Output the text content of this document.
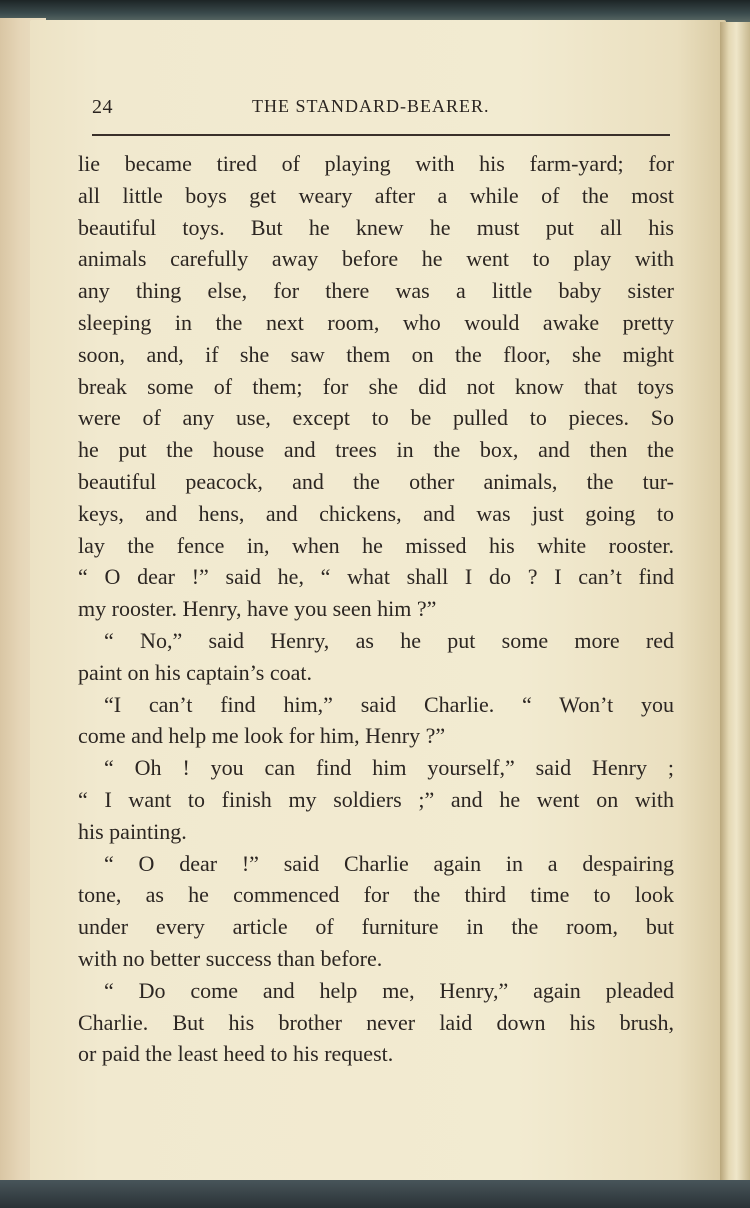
24	THE STANDARD-BEARER.
lie became tired of playing with his farm-yard; for
all little boys get weary after a while of the most
beautiful toys. But he knew he must put all his
animals carefully away before he went to play with
any thing else, for there was a little baby sister
sleeping in the next room, who would awake pretty
soon, and, if she saw them on the floor, she might
break some of them; for she did not know that toys
were of any use, except to be pulled to pieces. So
he put the house and trees in the box, and then the
beautiful peacock, and the other animals, the tur-
keys, and hens, and chickens, and was just going to
lay the fence in, when he missed his white rooster.
“ O dear !” said he, “ what shall I do ? I can’t find
my rooster. Henry, have you seen him ?”
“ No,” said Henry, as he put some more red
paint on his captain’s coat.
“I can’t find him,” said Charlie. “ Won’t you
come and help me look for him, Henry ?”
“ Oh ! you can find him yourself,” said Henry ;
“ I want to finish my soldiers ;” and he went on with
his painting.
“ O dear !” said Charlie again in a despairing
tone, as he commenced for the third time to look
under every article of furniture in the room, but
with no better success than before.
“ Do come and help me, Henry,” again pleaded
Charlie. But his brother never laid down his brush,
or paid the least heed to his request.
